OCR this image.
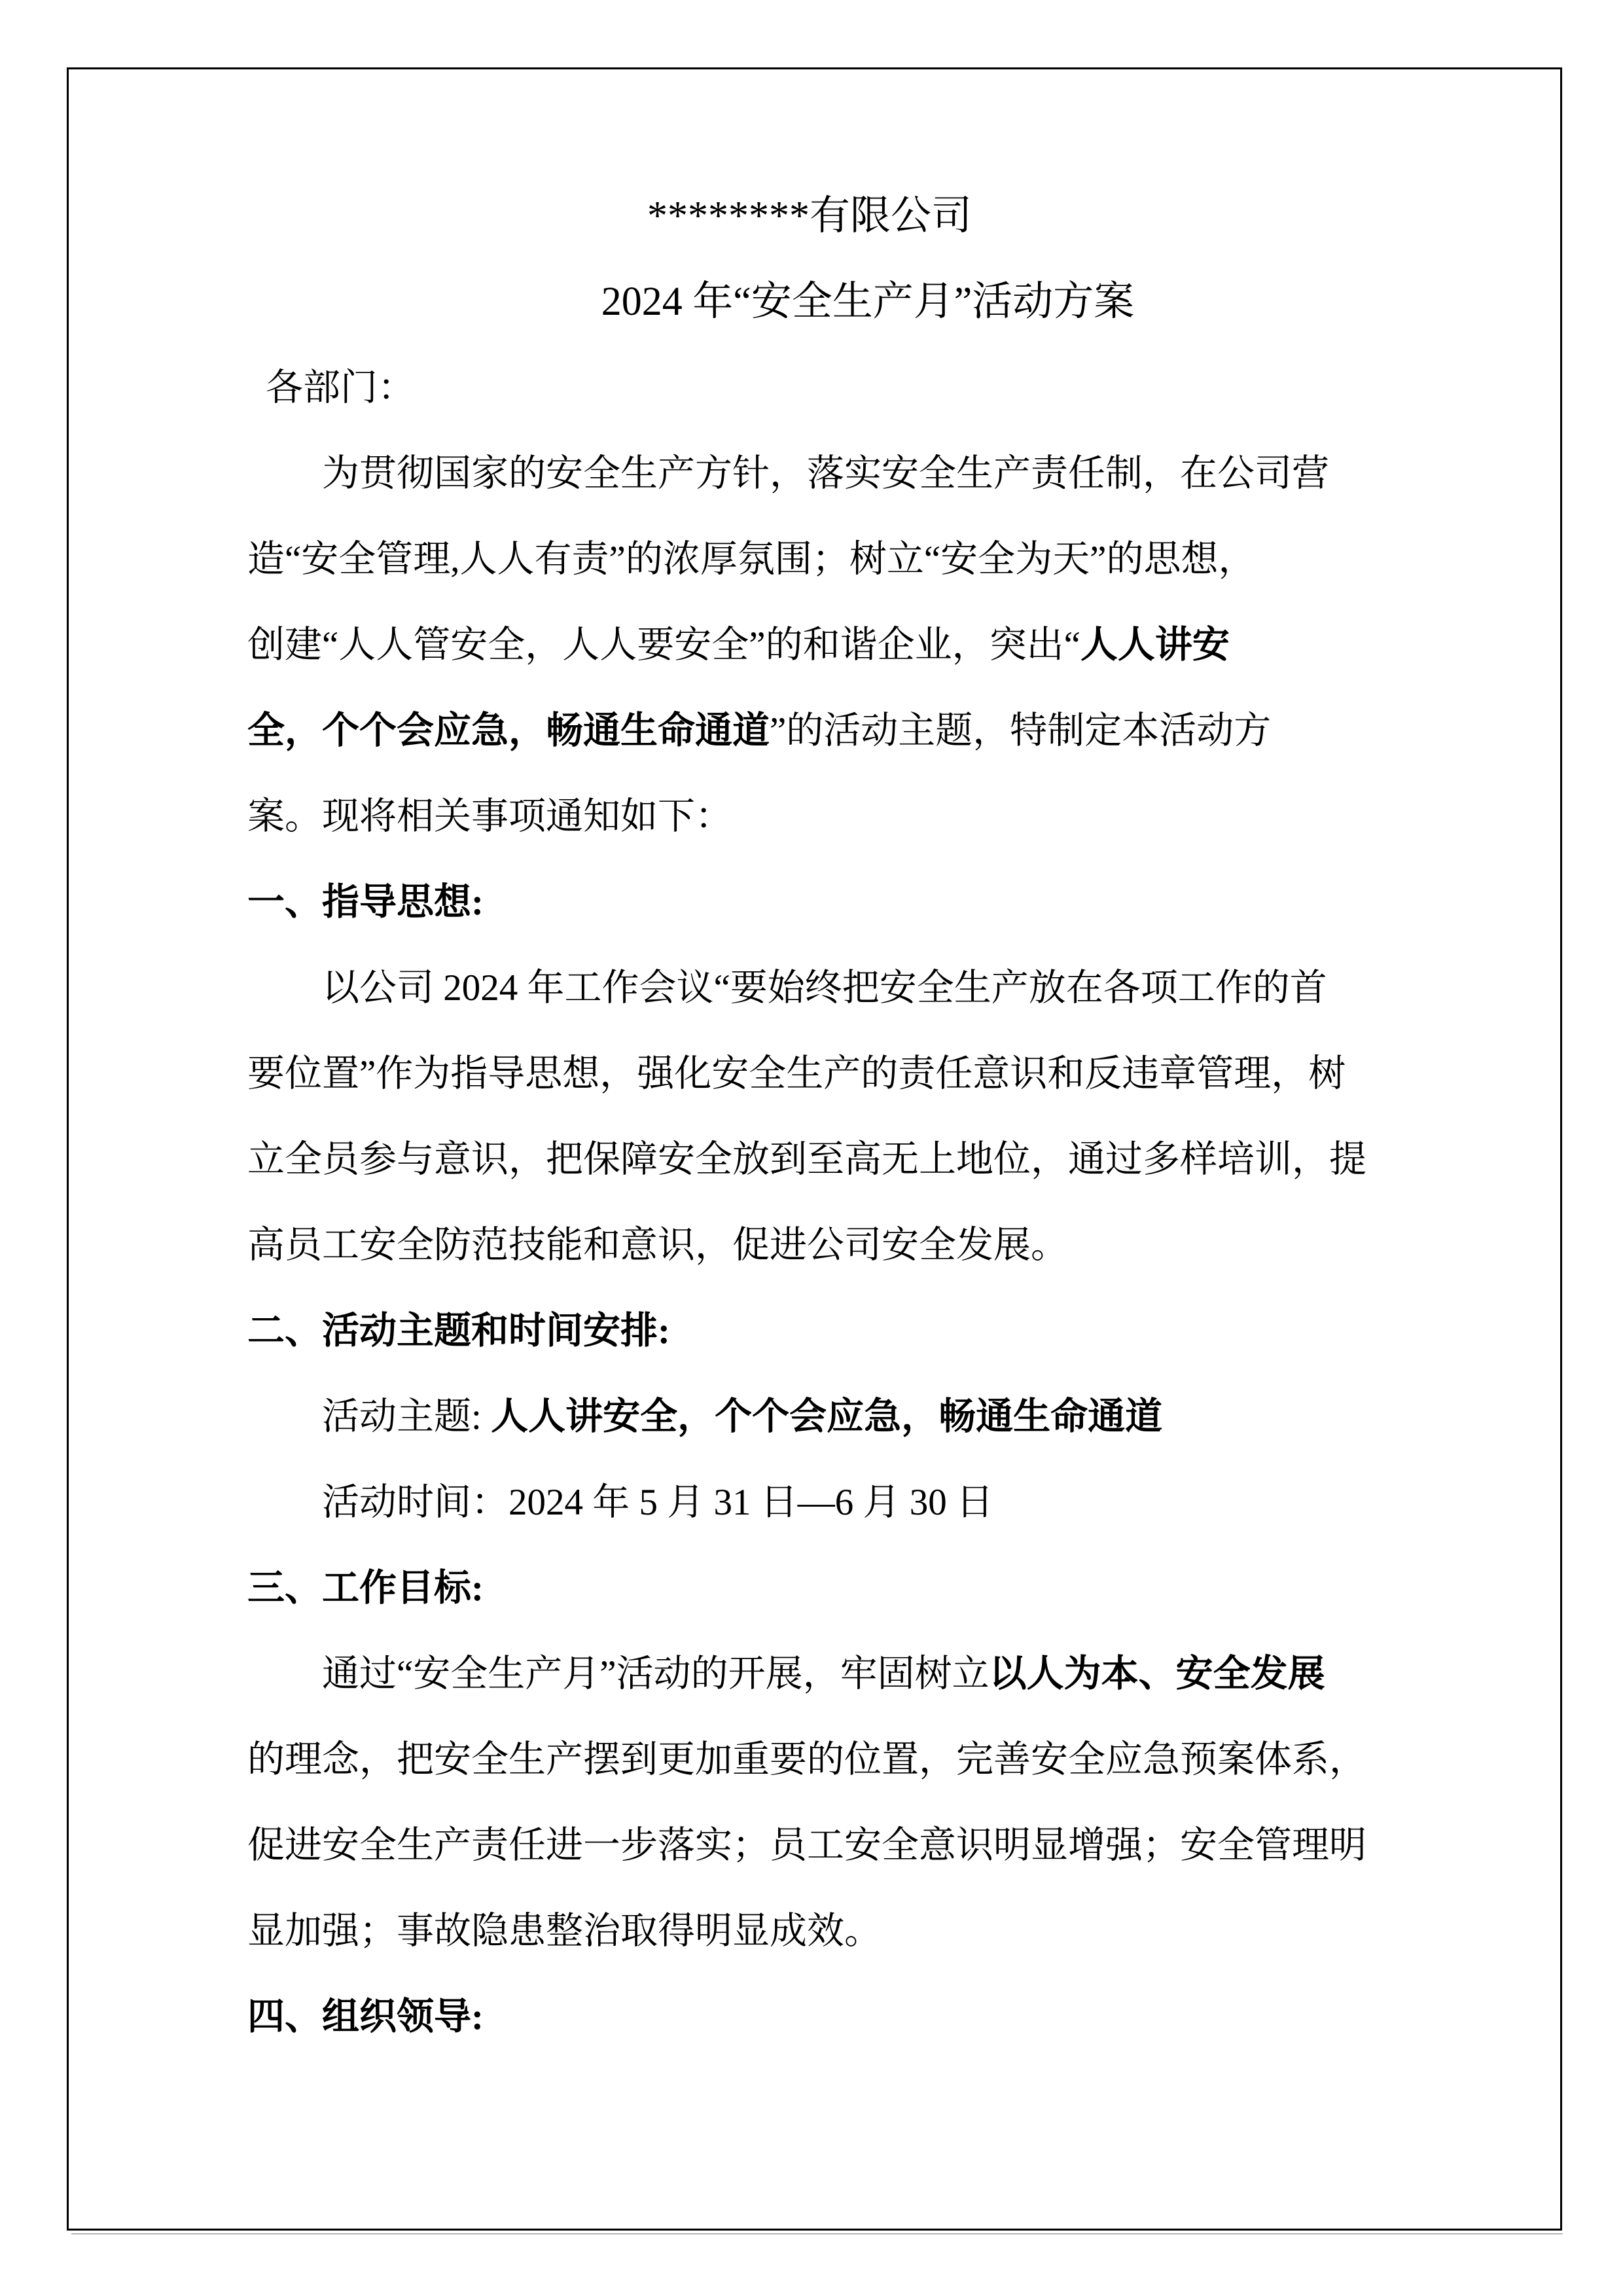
********有限公司
2024 年“安全生产月”活动方案
各部门：
为贯彻国家的安全生产方针，落实安全生产责任制，在公司营
造“安全管理,人人有责”的浓厚氛围；树立“安全为天”的思想，
创建“人人管安全，人人要安全”的和谐企业，突出“人人讲安
全，个个会应急，畅通生命通道”的活动主题，特制定本活动方
案。现将相关事项通知如下：
一、指导思想:
以公司 2024 年工作会议“要始终把安全生产放在各项工作的首
要位置”作为指导思想，强化安全生产的责任意识和反违章管理，树
立全员参与意识，把保障安全放到至高无上地位，通过多样培训，提
高员工安全防范技能和意识，促进公司安全发展。
二、活动主题和时间安排:
活动主题: 人人讲安全，个个会应急，畅通生命通道
活动时间：2024 年 5 月 31 日—6 月 30 日
三、工作目标:
通过“安全生产月”活动的开展，牢固树立以人为本、安全发展
的理念，把安全生产摆到更加重要的位置，完善安全应急预案体系，
促进安全生产责任进一步落实；员工安全意识明显增强；安全管理明
显加强；事故隐患整治取得明显成效。
四、组织领导:
